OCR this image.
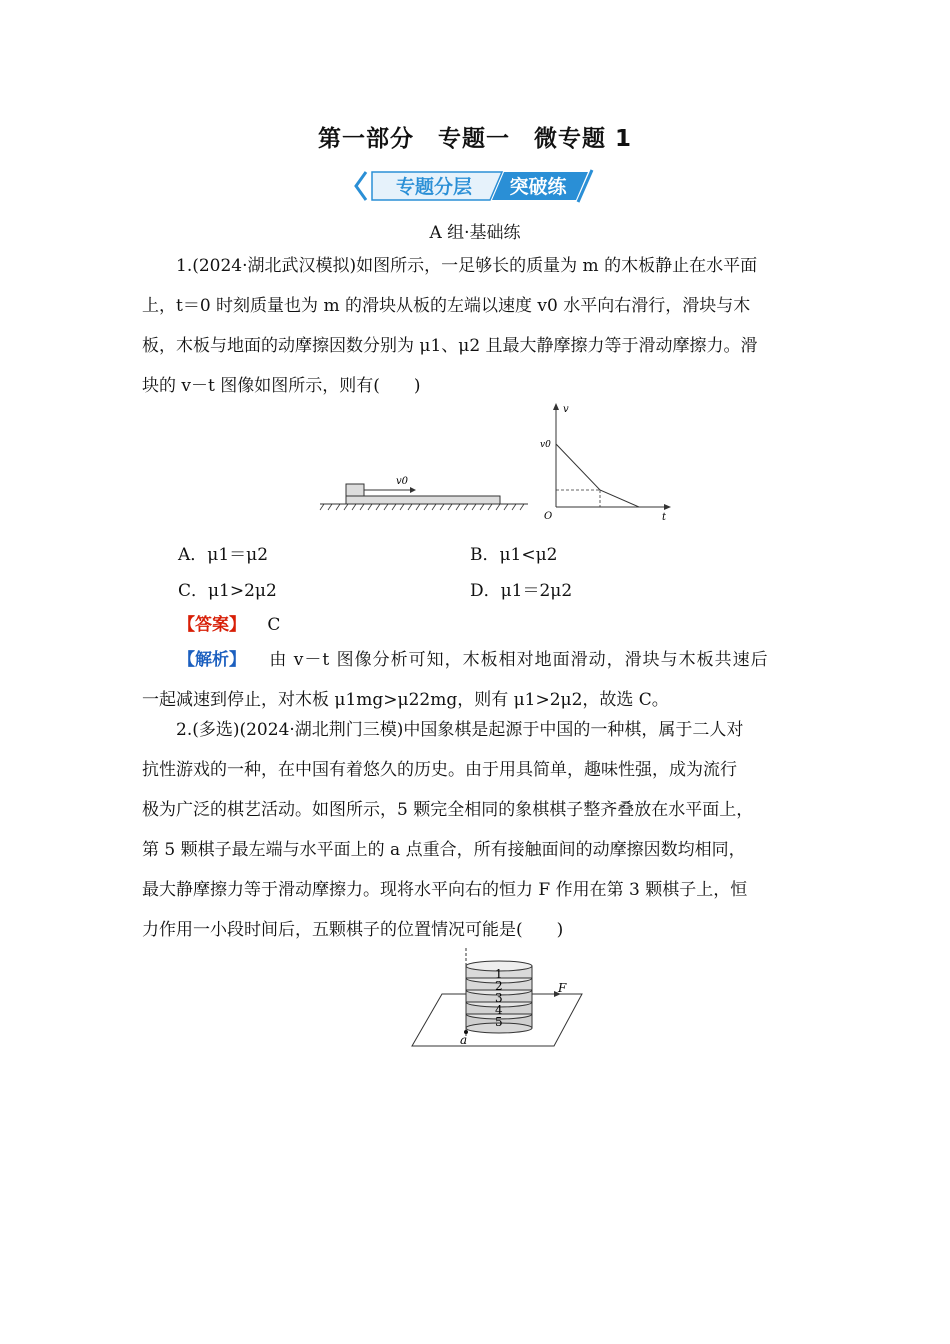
第一部分　专题一　微专题 1
专题分层 突破练
A 组·基础练

1.(2024·湖北武汉模拟)如图所示，一足够长的质量为 m 的木板静止在水平面

上，t＝0 时刻质量也为 m 的滑块从板的左端以速度 v0 水平向右滑行，滑块与木

板，木板与地面的动摩擦因数分别为 μ1、μ2 且最大静摩擦力等于滑动摩擦力。滑

块的 v－t 图像如图所示，则有(　　)

v0
v
t
O
v0
A．μ1＝μ2	B．μ1<μ2
C．μ1>2μ2	D．μ1＝2μ2
【答案】 C

【解析】 由 v－t 图像分析可知，木板相对地面滑动，滑块与木板共速后

一起减速到停止，对木板 μ1mg>μ22mg，则有 μ1>2μ2，故选 C。

2.(多选)(2024·湖北荆门三模)中国象棋是起源于中国的一种棋，属于二人对

抗性游戏的一种，在中国有着悠久的历史。由于用具简单，趣味性强，成为流行

极为广泛的棋艺活动。如图所示，5 颗完全相同的象棋棋子整齐叠放在水平面上，

第 5 颗棋子最左端与水平面上的 a 点重合，所有接触面间的动摩擦因数均相同，

最大静摩擦力等于滑动摩擦力。现将水平向右的恒力 F 作用在第 3 颗棋子上，恒

力作用一小段时间后，五颗棋子的位置情况可能是(　　)

1
2
3
4
5
F
a
